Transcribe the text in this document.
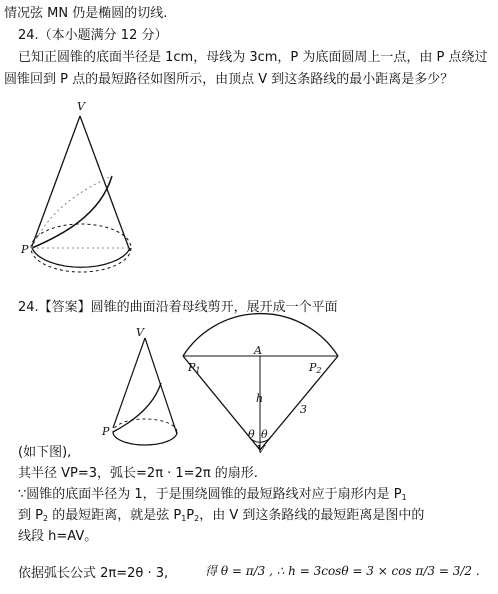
情况弦 MN 仍是椭圆的切线.
24.（本小题满分 12 分）
已知正圆锥的底面半径是 1cm，母线为 3cm，P 为底面圆周上一点，由 P 点绕过
圆锥回到 P 点的最短路径如图所示，由顶点 V 到这条路线的最小距离是多少？
V
P
24.【答案】圆锥的曲面沿着母线剪开，展开成一个平面
V
P
A
$P_1$	$P_2$
h
3
θ θ
V
(如下图),
其半径 VP=3，弧长=2π · 1=2π 的扇形.
∵圆锥的底面半径为 1，于是围绕圆锥的最短路线对应于扇形内是 $P_1$
到 $P_2$ 的最短距离，就是弦 $P_1P_2$，由 V 到这条路线的最短距离是图中的
线段 h=AV。
依据弧长公式 2π=2θ · 3,	得 θ = π/3 , ∴ h = 3cosθ = 3 × cos π/3 = 3/2 .
